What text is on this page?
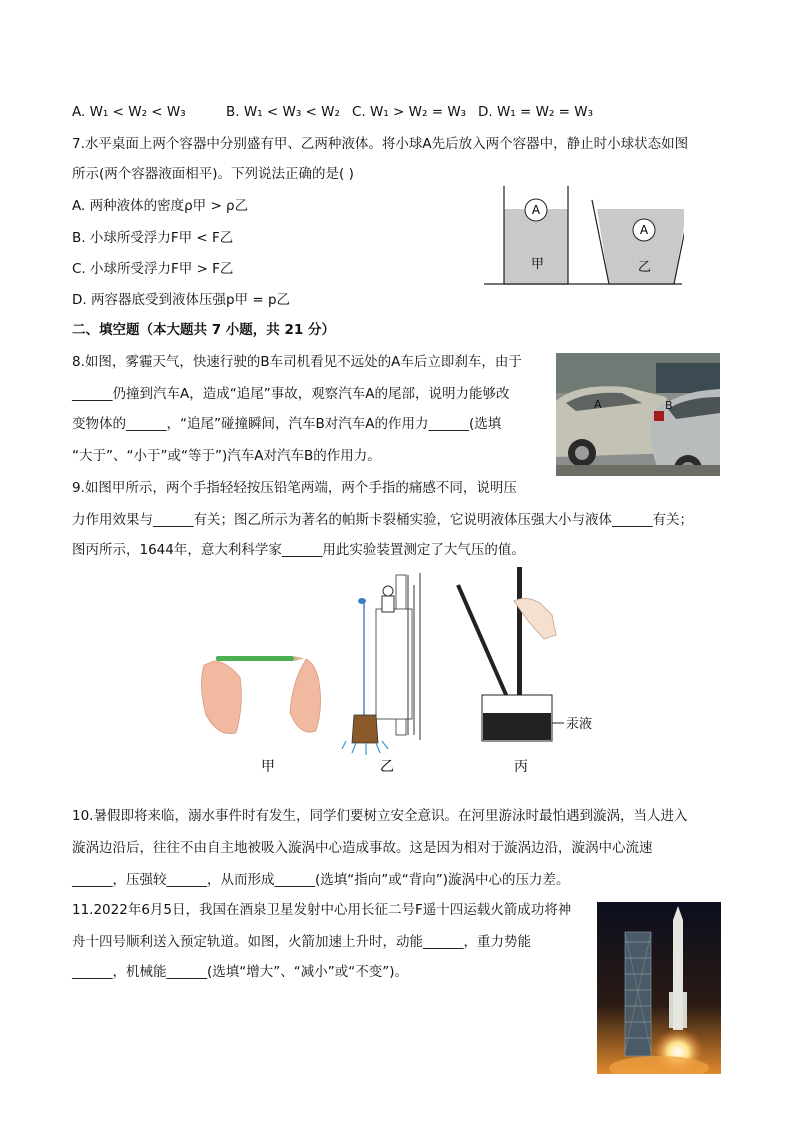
A. W₁ < W₂ < W₃	B. W₁ < W₃ < W₂ C. W₁ > W₂ = W₃ D. W₁ = W₂ = W₃
7.水平桌面上两个容器中分别盛有甲、乙两种液体。将小球A先后放入两个容器中，静止时小球状态如图
所示(两个容器液面相平)。下列说法正确的是( )
A. 两种液体的密度ρ甲 > ρ乙
B. 小球所受浮力F甲 < F乙
C. 小球所受浮力F甲 > F乙
D. 两容器底受到液体压强p甲 = p乙
A
甲
A
乙
二、填空题（本大题共 7 小题，共 21 分）
8.如图，雾霾天气，快速行驶的B车司机看见不远处的A车后立即刹车，由于
______仍撞到汽车A，造成“追尾”事故，观察汽车A的尾部，说明力能够改
变物体的______，“追尾”碰撞瞬间，汽车B对汽车A的作用力______(选填
“大于”、“小于”或“等于”)汽车A对汽车B的作用力。
A	B
9.如图甲所示，两个手指轻轻按压铅笔两端，两个手指的痛感不同，说明压
力作用效果与______有关；图乙所示为著名的帕斯卡裂桶实验，它说明液体压强大小与液体______有关；
图丙所示，1644年，意大利科学家______用此实验装置测定了大气压的值。
甲	乙
汞液
丙
10.暑假即将来临，溺水事件时有发生，同学们要树立安全意识。在河里游泳时最怕遇到漩涡，当人进入
漩涡边沿后，往往不由自主地被吸入漩涡中心造成事故。这是因为相对于漩涡边沿，漩涡中心流速
______，压强较______，从而形成______(选填“指向”或“背向”)漩涡中心的压力差。
11.2022年6月5日，我国在酒泉卫星发射中心用长征二号F遥十四运载火箭成功将神
舟十四号顺利送入预定轨道。如图，火箭加速上升时，动能______，重力势能
______，机械能______(选填“增大”、“减小”或“不变”)。
